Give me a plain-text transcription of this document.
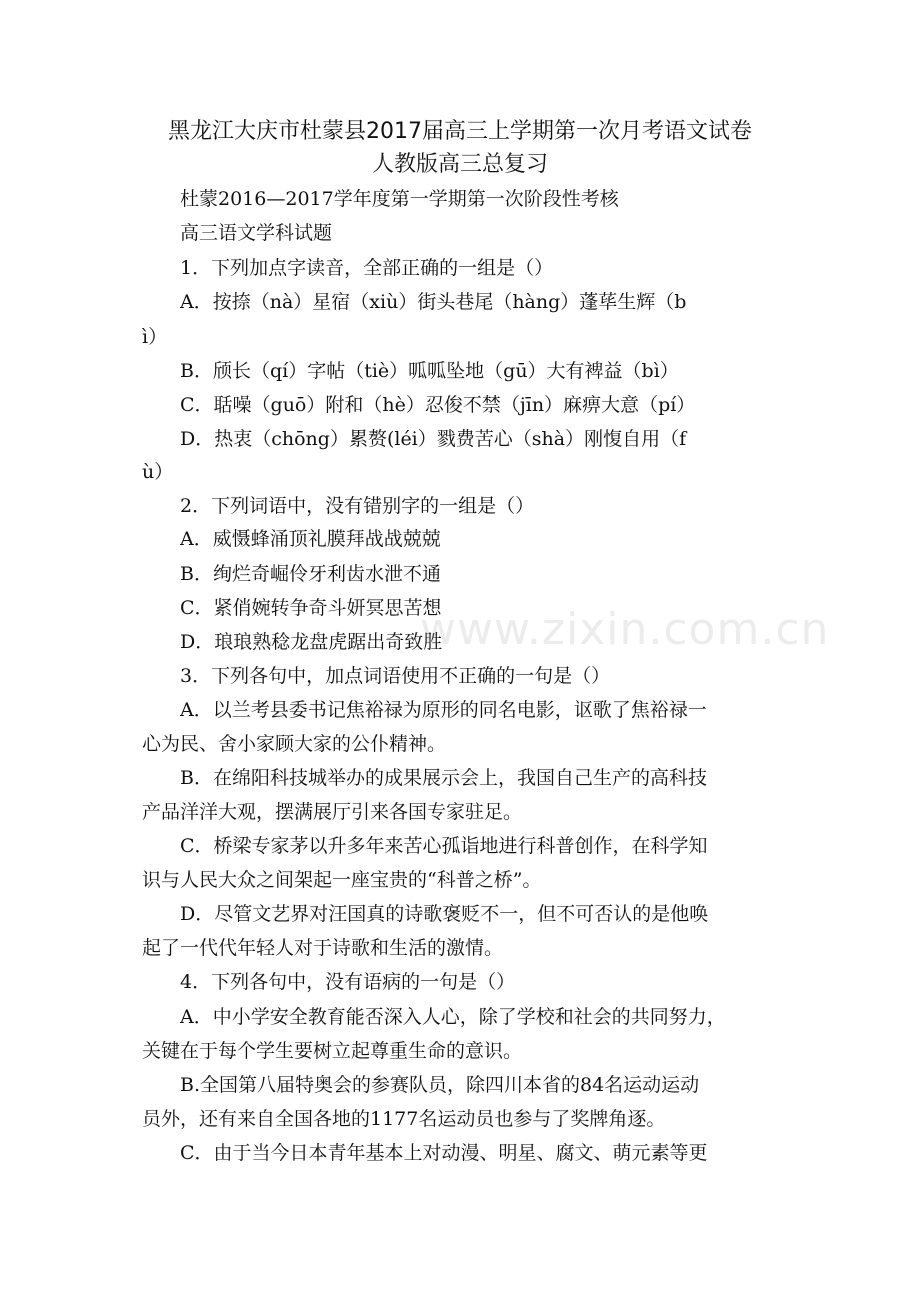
黑龙江大庆市杜蒙县2017届高三上学期第一次月考语文试卷
人教版高三总复习
杜蒙2016—2017学年度第一学期第一次阶段性考核
高三语文学科试题
1．下列加点字读音，全部正确的一组是（）
A．按捺（nà）星宿（xiù）街头巷尾（hàng）蓬荜生辉（b
ì）
B．颀长（qí）字帖（tiè）呱呱坠地（gū）大有裨益（bì）
C．聒噪（guō）附和（hè）忍俊不禁（jīn）麻痹大意（pí）
D．热衷（chōng）累赘(léi）戮费苦心（shà）刚愎自用（f
ù）
2．下列词语中，没有错别字的一组是（）
A．威慑蜂涌顶礼膜拜战战兢兢
B．绚烂奇崛伶牙利齿水泄不通
C．紧俏婉转争奇斗妍冥思苦想
D．琅琅熟稔龙盘虎踞出奇致胜
3．下列各句中，加点词语使用不正确的一句是（）
A．以兰考县委书记焦裕禄为原形的同名电影，讴歌了焦裕禄一
心为民、舍小家顾大家的公仆精神。
B．在绵阳科技城举办的成果展示会上，我国自己生产的高科技
产品洋洋大观，摆满展厅引来各国专家驻足。
C．桥梁专家茅以升多年来苦心孤诣地进行科普创作，在科学知
识与人民大众之间架起一座宝贵的“科普之桥”。
D．尽管文艺界对汪国真的诗歌褒贬不一，但不可否认的是他唤
起了一代代年轻人对于诗歌和生活的激情。
4．下列各句中，没有语病的一句是（）
A．中小学安全教育能否深入人心，除了学校和社会的共同努力，
关键在于每个学生要树立起尊重生命的意识。
B.全国第八届特奥会的参赛队员，除四川本省的84名运动运动
员外，还有来自全国各地的1177名运动员也参与了奖牌角逐。
C．由于当今日本青年基本上对动漫、明星、腐文、萌元素等更
www.zixin.com.cn
